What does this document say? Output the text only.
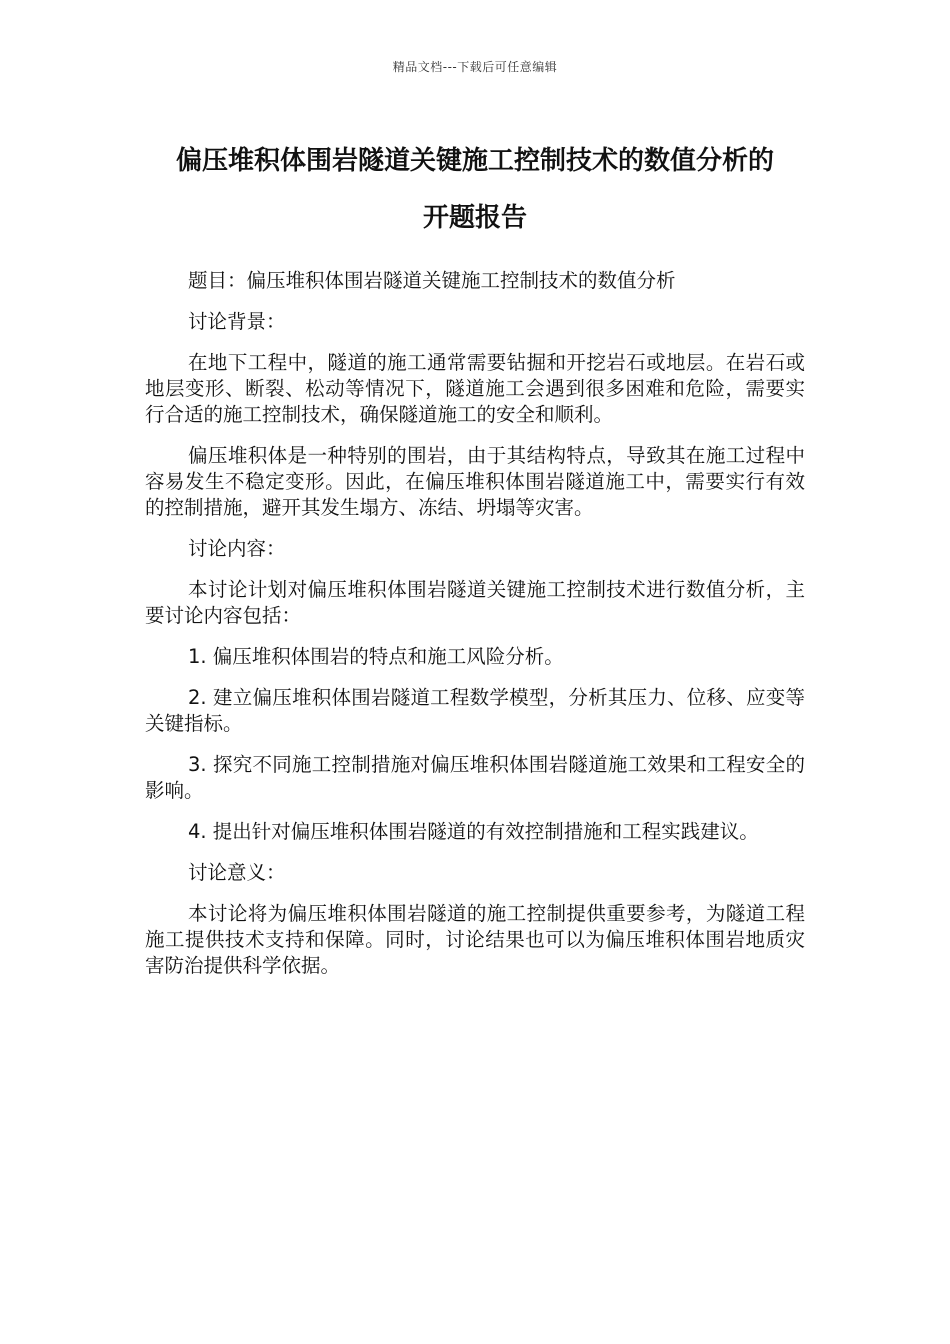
精品文档---下载后可任意编辑
偏压堆积体围岩隧道关键施工控制技术的数值分析的
开题报告

题目：偏压堆积体围岩隧道关键施工控制技术的数值分析

讨论背景：

在地下工程中，隧道的施工通常需要钻掘和开挖岩石或地层。在岩石或地层变形、断裂、松动等情况下，隧道施工会遇到很多困难和危险，需要实行合适的施工控制技术，确保隧道施工的安全和顺利。

偏压堆积体是一种特别的围岩，由于其结构特点，导致其在施工过程中容易发生不稳定变形。因此，在偏压堆积体围岩隧道施工中，需要实行有效的控制措施，避开其发生塌方、冻结、坍塌等灾害。

讨论内容：

本讨论计划对偏压堆积体围岩隧道关键施工控制技术进行数值分析，主要讨论内容包括：

1. 偏压堆积体围岩的特点和施工风险分析。

2. 建立偏压堆积体围岩隧道工程数学模型，分析其压力、位移、应变等关键指标。

3. 探究不同施工控制措施对偏压堆积体围岩隧道施工效果和工程安全的影响。

4. 提出针对偏压堆积体围岩隧道的有效控制措施和工程实践建议。

讨论意义：

本讨论将为偏压堆积体围岩隧道的施工控制提供重要参考，为隧道工程施工提供技术支持和保障。同时，讨论结果也可以为偏压堆积体围岩地质灾害防治提供科学依据。
